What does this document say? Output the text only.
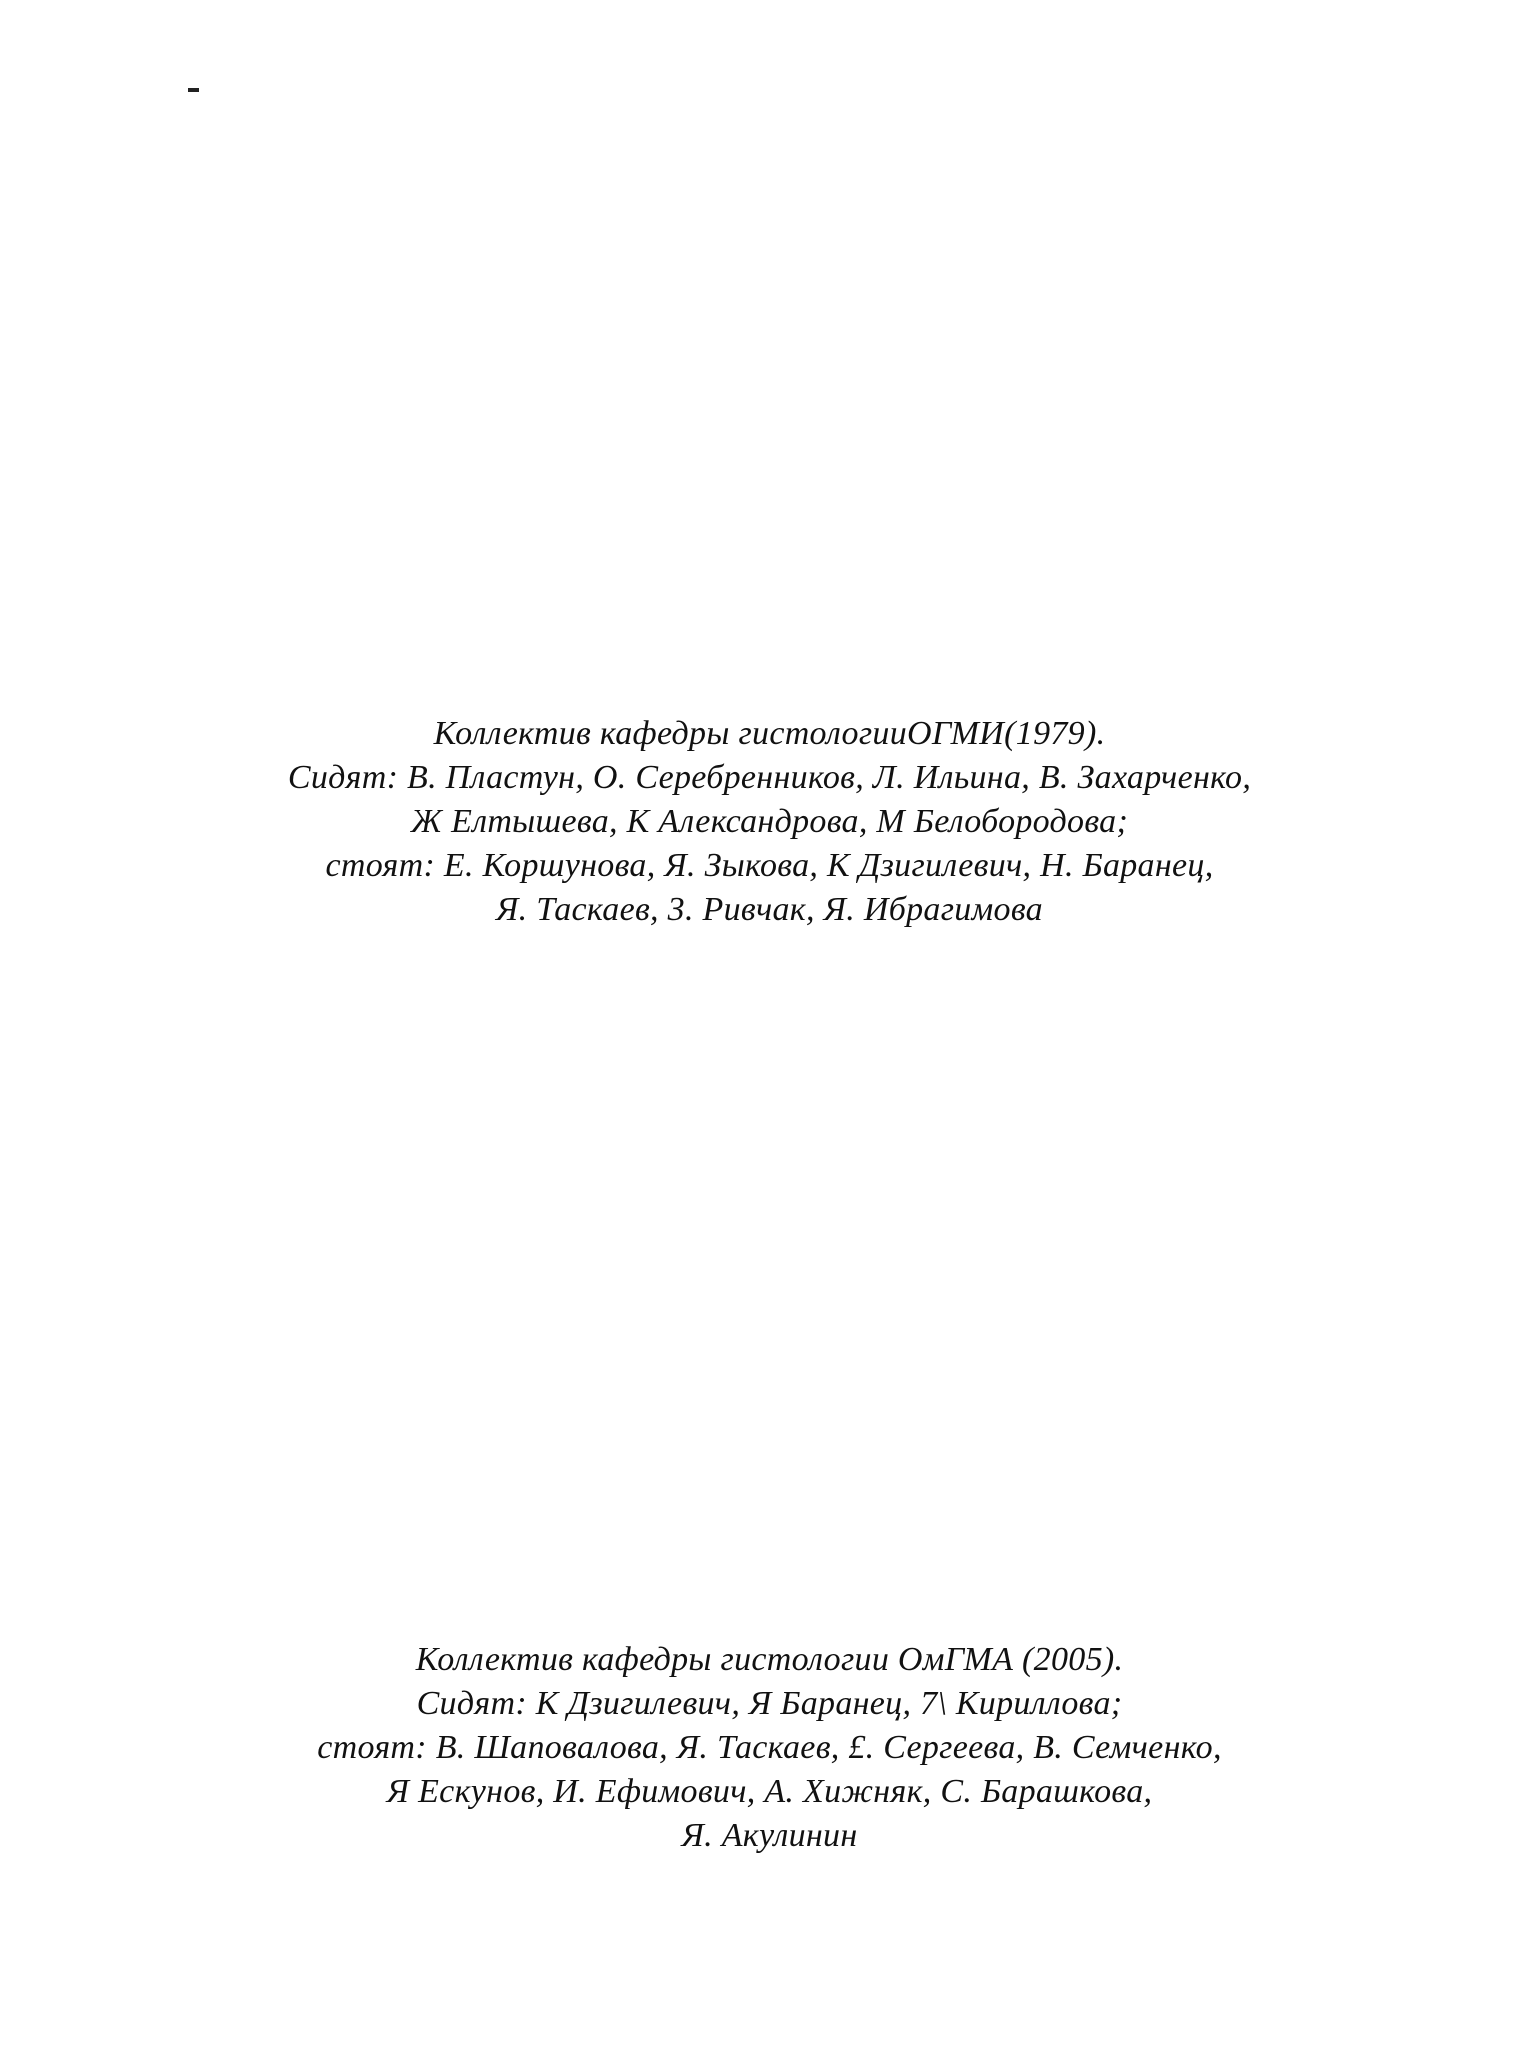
Коллектив кафедры гистологииОГМИ(1979).
Сидят: В. Пластун, О. Серебренников, Л. Ильина, В. Захарченко,
Ж Елтышева, К Александрова, М Белобородова;
стоят: Е. Коршунова, Я. Зыкова, К Дзигилевич, Н. Баранец,
Я. Таскаев, 3. Ривчак, Я. Ибрагимова
Коллектив кафедры гистологии ОмГМА (2005).
Сидят: К Дзигилевич, Я Баранец, 7\ Кириллова;
стоят: В. Шаповалова, Я. Таскаев, £. Сергеева, В. Семченко,
Я Ескунов, И. Ефимович, А. Хижняк, С. Барашкова,
Я. Акулинин
